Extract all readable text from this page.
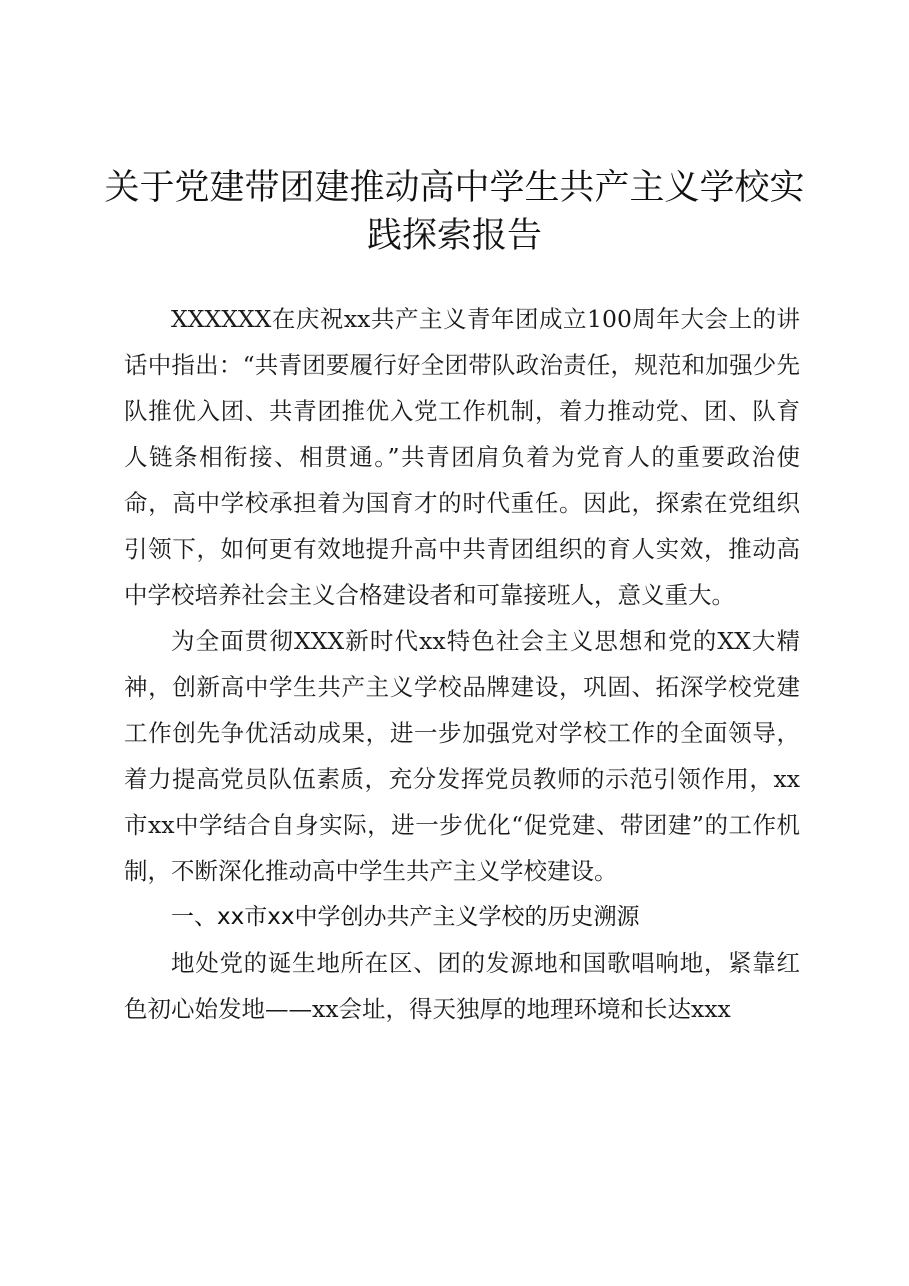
关于党建带团建推动高中学生共产主义学校实践探索报告

XXXXXX在庆祝xx共产主义青年团成立100周年大会上的讲话中指出：“共青团要履行好全团带队政治责任，规范和加强少先队推优入团、共青团推优入党工作机制，着力推动党、团、队育人链条相衔接、相贯通。”共青团肩负着为党育人的重要政治使命，高中学校承担着为国育才的时代重任。因此，探索在党组织引领下，如何更有效地提升高中共青团组织的育人实效，推动高中学校培养社会主义合格建设者和可靠接班人，意义重大。

为全面贯彻XXX新时代xx特色社会主义思想和党的XX大精神，创新高中学生共产主义学校品牌建设，巩固、拓深学校党建工作创先争优活动成果，进一步加强党对学校工作的全面领导，着力提高党员队伍素质，充分发挥党员教师的示范引领作用，xx市xx中学结合自身实际，进一步优化“促党建、带团建”的工作机制，不断深化推动高中学生共产主义学校建设。

一、xx市xx中学创办共产主义学校的历史溯源

地处党的诞生地所在区、团的发源地和国歌唱响地，紧靠红色初心始发地——xx会址，得天独厚的地理环境和长达xxx
